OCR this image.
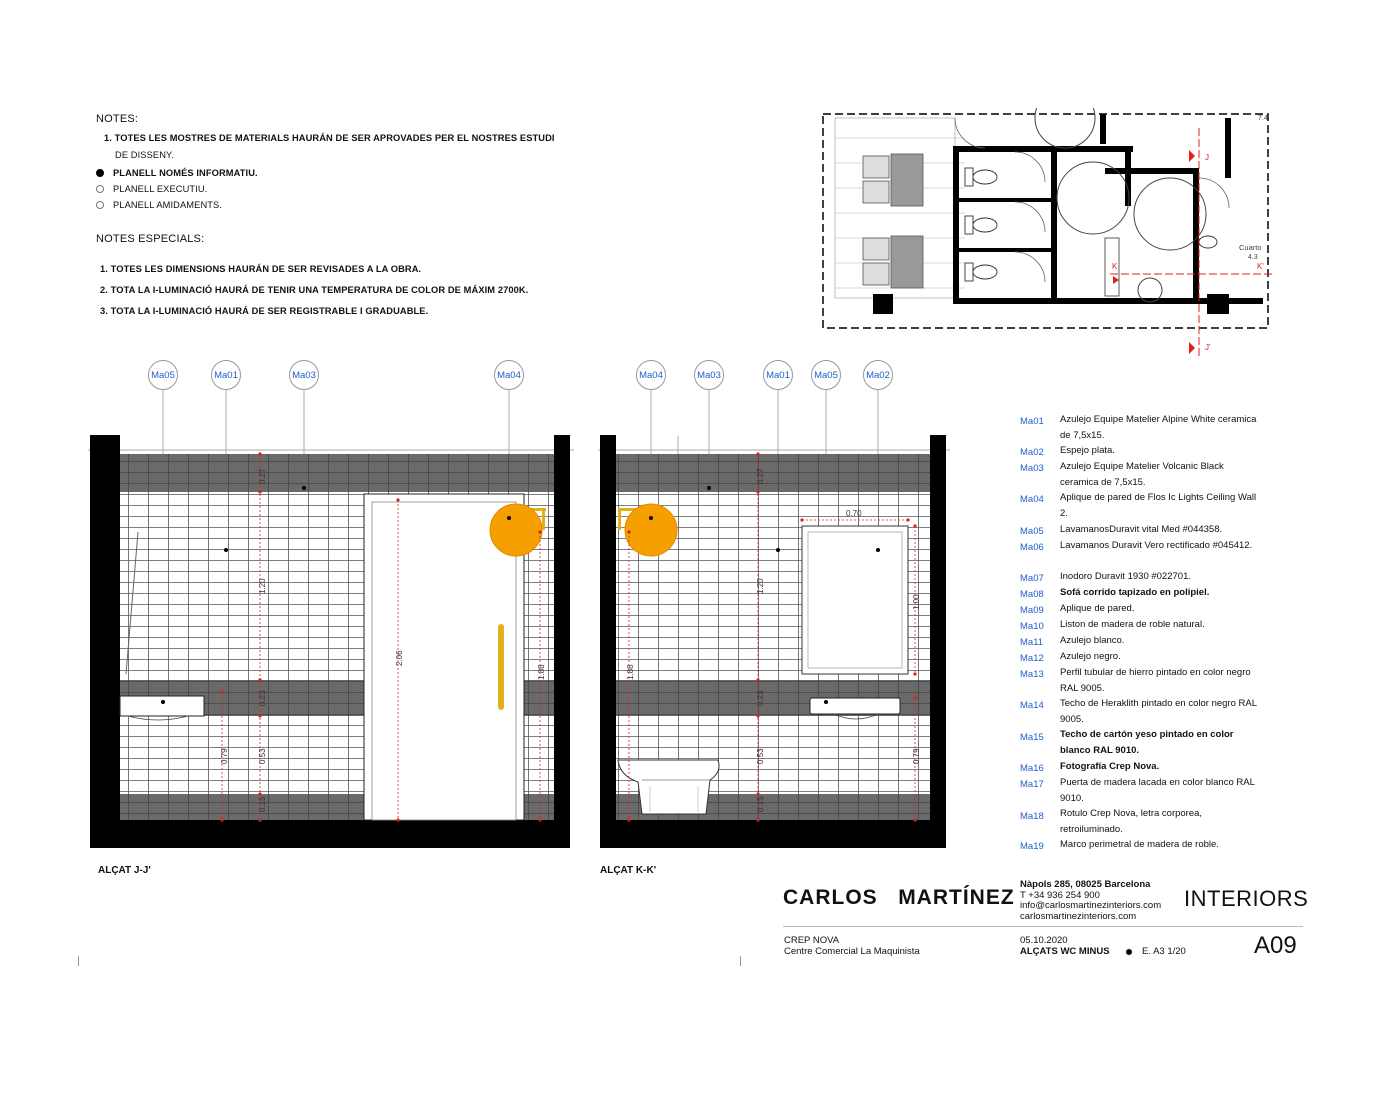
NOTES:
1. TOTES LES MOSTRES DE MATERIALS HAURÁN DE SER APROVADES PER EL NOSTRES ESTUDI
DE DISSENY.
PLANELL NOMÉS INFORMATIU.
PLANELL EXECUTIU.
PLANELL AMIDAMENTS.
NOTES ESPECIALS:
1. TOTES LES DIMENSIONS HAURÁN DE SER REVISADES A LA OBRA.
2. TOTA LA I-LUMINACIÓ HAURÁ DE TENIR UNA TEMPERATURA DE COLOR DE MÁXIM 2700K.
3. TOTA LA I-LUMINACIÓ HAURÁ DE SER REGISTRABLE I GRADUABLE.
J
J'
K	K'
Cuarto
4.3
7.4
0.27
1.20
0.23
0.53
0.15
0.79
2.06
1.88
Ma05	Ma01	Ma03	Ma04
ALÇAT J-J'
0.27
1.20
0.23
0.53
0.15
1.88
0.70
1.00
0.79
Ma04	Ma03	Ma01	Ma05	Ma02
ALÇAT K-K'
Ma01 Azulejo Equipe Matelier Alpine White ceramica de 7,5x15.
Ma02 Espejo plata.
Ma03 Azulejo Equipe Matelier Volcanic Black ceramica de 7,5x15.
Ma04 Aplique de pared de Flos Ic Lights Ceiling Wall 2.
Ma05 LavamanosDuravit vital Med #044358.
Ma06 Lavamanos Duravit Vero rectificado #045412.
Ma07 Inodoro Duravit 1930 #022701.
Ma08 Sofá corrido tapizado en polipiel.
Ma09 Aplique de pared.
Ma10 Liston de madera de roble natural.
Ma11 Azulejo blanco.
Ma12 Azulejo negro.
Ma13 Perfil tubular de hierro pintado en color negro RAL 9005.
Ma14 Techo de Heraklith pintado en color negro RAL 9005.
Ma15 Techo de cartón yeso pintado en color blanco RAL 9010.
Ma16 Fotografía Crep Nova.
Ma17 Puerta de madera lacada en color blanco RAL 9010.
Ma18 Rotulo Crep Nova, letra corporea, retroiluminado.
Ma19 Marco perimetral de madera de roble.
CARLOS MARTÍNEZ
Nàpols 285, 08025 Barcelona
T +34 936 254 900
info@carlosmartinezinteriors.com
carlosmartinezinteriors.com
INTERIORS
CREP NOVA
Centre Comercial La Maquinista
05.10.2020
ALÇATS WC MINUS	E. A3 1/20	A09
